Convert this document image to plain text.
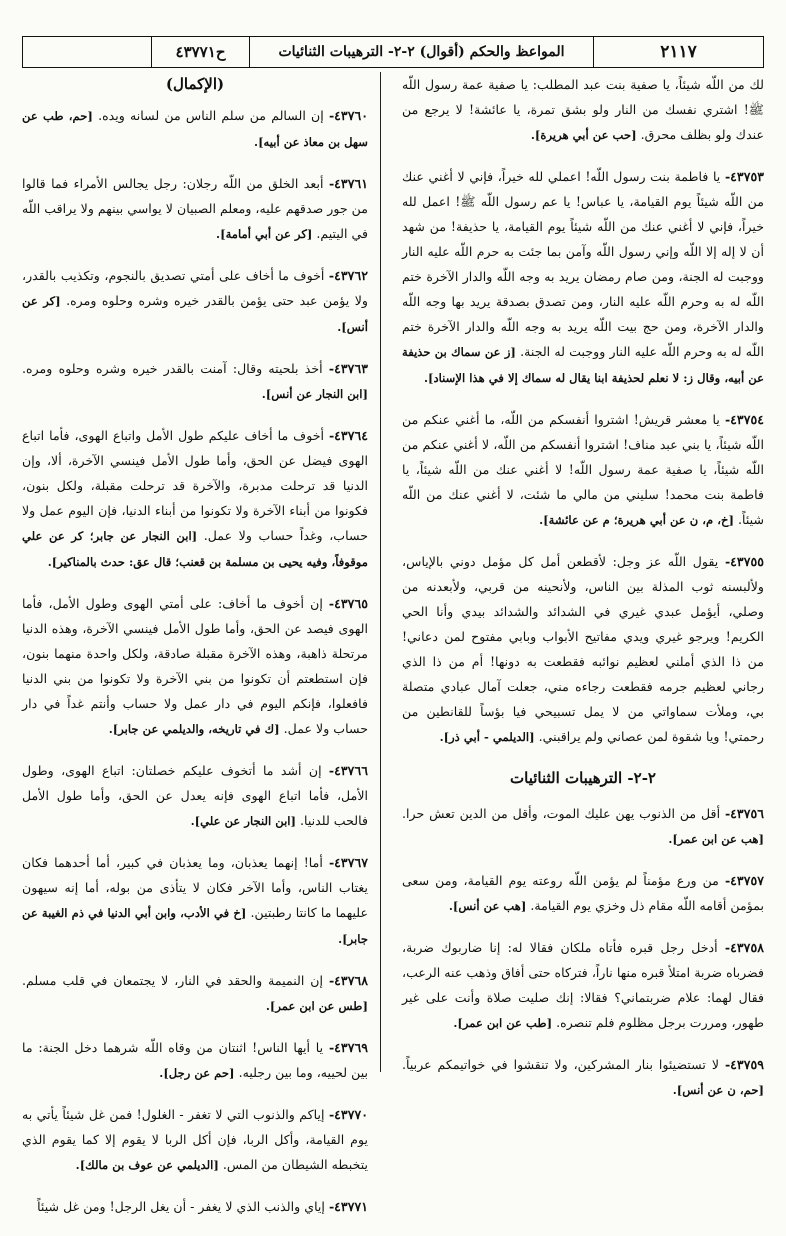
٢١١٧
المواعظ والحكم (أقوال) ٢-٢- الترهيبات الثنائيات
ح٤٣٧٧١
لك من اللّه شيئاً، يا صفية بنت عبد المطلب: يا صفية عمة رسول اللّه ﷺ! اشتري نفسك من النار ولو بشق تمرة، يا عائشة! لا يرجع من عندك ولو بظلف محرق. [حب عن أبي هريرة].
٤٣٧٥٣- يا فاطمة بنت رسول اللّه! اعملي لله خيراً، فإني لا أغني عنك من اللّه شيئاً يوم القيامة، يا عباس! يا عم رسول اللّه ﷺ! اعمل لله خيراً، فإني لا أغني عنك من اللّه شيئاً يوم القيامة، يا حذيفة! من شهد أن لا إله إلا اللّه وإني رسول اللّه وآمن بما جئت به حرم اللّه عليه النار ووجبت له الجنة، ومن صام رمضان يريد به وجه اللّه والدار الآخرة ختم اللّه له به وحرم اللّه عليه النار، ومن تصدق بصدقة يريد بها وجه اللّه والدار الآخرة، ومن حج بيت اللّه يريد به وجه اللّه والدار الآخرة ختم اللّه له به وحرم اللّه عليه النار ووجبت له الجنة. [ز عن سماك بن حذيفة عن أبيه، وقال ز: لا نعلم لحذيفة ابنا يقال له سماك إلا في هذا الإسناد].
٤٣٧٥٤- يا معشر قريش! اشتروا أنفسكم من اللّه، ما أغني عنكم من اللّه شيئاً، يا بني عبد مناف! اشتروا أنفسكم من اللّه، لا أغني عنكم من اللّه شيئاً، يا صفية عمة رسول اللّه! لا أغني عنك من اللّه شيئاً، يا فاطمة بنت محمد! سليني من مالي ما شئت، لا أغني عنك من اللّه شيئاً. [خ، م، ن عن أبي هريرة؛ م عن عائشة].
٤٣٧٥٥- يقول اللّه عز وجل: لأقطعن أمل كل مؤمل دوني بالإياس، ولألبسنه ثوب المذلة بين الناس، ولأنحينه من قربي، ولأبعدنه من وصلي، أيؤمل عبدي غيري في الشدائد والشدائد بيدي وأنا الحي الكريم! ويرجو غيري ويدي مفاتيح الأبواب وبابي مفتوح لمن دعاني! من ذا الذي أملني لعظيم نوائبه فقطعت به دونها! أم من ذا الذي رجاني لعظيم جرمه فقطعت رجاءه مني، جعلت آمال عبادي متصلة بي، وملأت سماواتي من لا يمل تسبيحي فيا بؤساً للقانطين من رحمتي! ويا شقوة لمن عصاني ولم يراقبني. [الديلمي - أبي ذر].
٢-٢- الترهيبات الثنائيات
٤٣٧٥٦- أقل من الذنوب يهن عليك الموت، وأقل من الدين تعش حرا. [هب عن ابن عمر].
٤٣٧٥٧- من ورع مؤمناً لم يؤمن اللّه روعته يوم القيامة، ومن سعى بمؤمن أقامه اللّه مقام ذل وخزي يوم القيامة. [هب عن أنس].
٤٣٧٥٨- أدخل رجل قبره فأتاه ملكان فقالا له: إنا ضاربوك ضربة، فضرباه ضربة امتلأ قبره منها ناراً، فتركاه حتى أفاق وذهب عنه الرعب، فقال لهما: علام ضربتماني؟ فقالا: إنك صليت صلاة وأنت على غير طهور، ومررت برجل مظلوم فلم تنصره. [طب عن ابن عمر].
٤٣٧٥٩- لا تستضيئوا بنار المشركين، ولا تنقشوا في خواتيمكم عربياً. [حم، ن عن أنس].
(الإكمال)
٤٣٧٦٠- إن السالم من سلم الناس من لسانه ويده. [حم، طب عن سهل بن معاذ عن أبيه].
٤٣٧٦١- أبعد الخلق من اللّه رجلان: رجل يجالس الأمراء فما قالوا من جور صدقهم عليه، ومعلم الصبيان لا يواسي بينهم ولا يراقب اللّه في اليتيم. [كر عن أبي أمامة].
٤٣٧٦٢- أخوف ما أخاف على أمتي تصديق بالنجوم، وتكذيب بالقدر، ولا يؤمن عبد حتى يؤمن بالقدر خيره وشره وحلوه ومره. [كر عن أنس].
٤٣٧٦٣- أخذ بلحيته وقال: آمنت بالقدر خيره وشره وحلوه ومره. [ابن النجار عن أنس].
٤٣٧٦٤- أخوف ما أخاف عليكم طول الأمل واتباع الهوى، فأما اتباع الهوى فيضل عن الحق، وأما طول الأمل فينسي الآخرة، ألا، وإن الدنيا قد ترحلت مدبرة، والآخرة قد ترحلت مقبلة، ولكل بنون، فكونوا من أبناء الآخرة ولا تكونوا من أبناء الدنيا، فإن اليوم عمل ولا حساب، وغداً حساب ولا عمل. [ابن النجار عن جابر؛ كر عن علي موقوفاً، وفيه يحيى بن مسلمة بن قعنب؛ قال عق: حدث بالمناكير].
٤٣٧٦٥- إن أخوف ما أخاف: على أمتي الهوى وطول الأمل، فأما الهوى فيصد عن الحق، وأما طول الأمل فينسي الآخرة، وهذه الدنيا مرتحلة ذاهبة، وهذه الآخرة مقبلة صادقة، ولكل واحدة منهما بنون، فإن استطعتم أن تكونوا من بني الآخرة ولا تكونوا من بني الدنيا فافعلوا، فإنكم اليوم في دار عمل ولا حساب وأنتم غداً في دار حساب ولا عمل. [ك في تاريخه، والديلمي عن جابر].
٤٣٧٦٦- إن أشد ما أتخوف عليكم خصلتان: اتباع الهوى، وطول الأمل، فأما اتباع الهوى فإنه يعدل عن الحق، وأما طول الأمل فالحب للدنيا. [ابن النجار عن علي].
٤٣٧٦٧- أما! إنهما يعذبان، وما يعذبان في كبير، أما أحدهما فكان يغتاب الناس، وأما الآخر فكان لا يتأذى من بوله، أما إنه سيهون عليهما ما كانتا رطبتين. [خ في الأدب، وابن أبي الدنيا في ذم الغيبة عن جابر].
٤٣٧٦٨- إن النميمة والحقد في النار، لا يجتمعان في قلب مسلم. [طس عن ابن عمر].
٤٣٧٦٩- يا أيها الناس! اثنتان من وقاه اللّه شرهما دخل الجنة: ما بين لحييه، وما بين رجليه. [حم عن رجل].
٤٣٧٧٠- إياكم والذنوب التي لا تغفر - الغلول! فمن غل شيئاً يأتي به يوم القيامة، وأكل الربا، فإن أكل الربا لا يقوم إلا كما يقوم الذي يتخبطه الشيطان من المس. [الديلمي عن عوف بن مالك].
٤٣٧٧١- إياي والذنب الذي لا يغفر - أن يغل الرجل! ومن غل شيئاً
